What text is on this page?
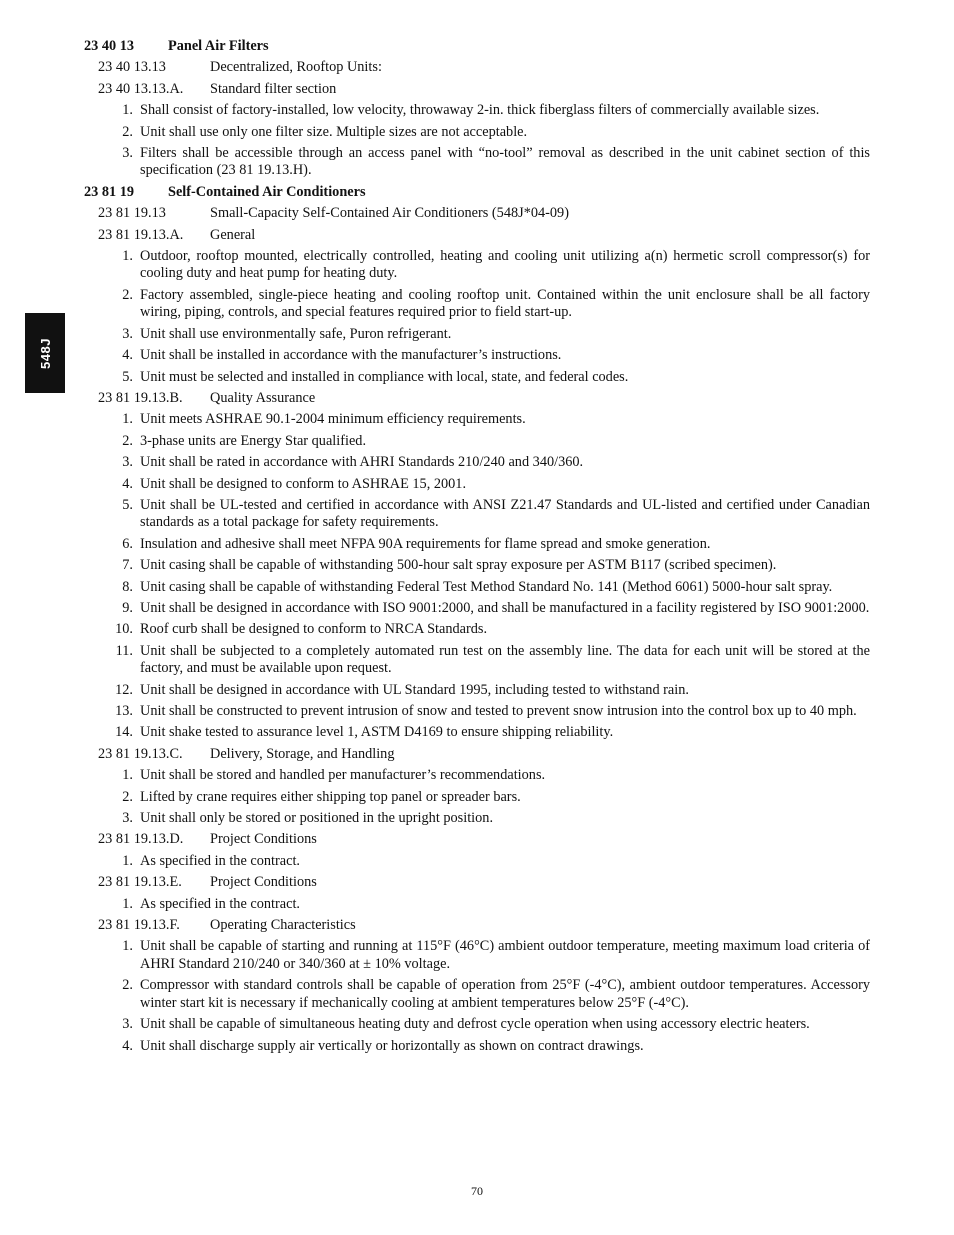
548J
23 40 13	Panel Air Filters
23 40 13.13	Decentralized, Rooftop Units:
23 40 13.13.A.	Standard filter section
1. Shall consist of factory-installed, low velocity, throwaway 2-in. thick fiberglass filters of commercially available sizes.
2. Unit shall use only one filter size. Multiple sizes are not acceptable.
3. Filters shall be accessible through an access panel with “no-tool” removal as described in the unit cabinet section of this specification (23 81 19.13.H).
23 81 19	Self-Contained Air Conditioners
23 81 19.13	Small-Capacity Self-Contained Air Conditioners (548J*04-09)
23 81 19.13.A.	General
1. Outdoor, rooftop mounted, electrically controlled, heating and cooling unit utilizing a(n) hermetic scroll compressor(s) for cooling duty and heat pump for heating duty.
2. Factory assembled, single-piece heating and cooling rooftop unit. Contained within the unit enclosure shall be all factory wiring, piping, controls, and special features required prior to field start-up.
3. Unit shall use environmentally safe, Puron refrigerant.
4. Unit shall be installed in accordance with the manufacturer’s instructions.
5. Unit must be selected and installed in compliance with local, state, and federal codes.
23 81 19.13.B.	Quality Assurance
1. Unit meets ASHRAE 90.1-2004 minimum efficiency requirements.
2. 3-phase units are Energy Star qualified.
3. Unit shall be rated in accordance with AHRI Standards 210/240 and 340/360.
4. Unit shall be designed to conform to ASHRAE 15, 2001.
5. Unit shall be UL-tested and certified in accordance with ANSI Z21.47 Standards and UL-listed and certified under Canadian standards as a total package for safety requirements.
6. Insulation and adhesive shall meet NFPA 90A requirements for flame spread and smoke generation.
7. Unit casing shall be capable of withstanding 500-hour salt spray exposure per ASTM B117 (scribed specimen).
8. Unit casing shall be capable of withstanding Federal Test Method Standard No. 141 (Method 6061) 5000-hour salt spray.
9. Unit shall be designed in accordance with ISO 9001:2000, and shall be manufactured in a facility registered by ISO 9001:2000.
10. Roof curb shall be designed to conform to NRCA Standards.
11. Unit shall be subjected to a completely automated run test on the assembly line. The data for each unit will be stored at the factory, and must be available upon request.
12. Unit shall be designed in accordance with UL Standard 1995, including tested to withstand rain.
13. Unit shall be constructed to prevent intrusion of snow and tested to prevent snow intrusion into the control box up to 40 mph.
14. Unit shake tested to assurance level 1, ASTM D4169 to ensure shipping reliability.
23 81 19.13.C.	Delivery, Storage, and Handling
1. Unit shall be stored and handled per manufacturer’s recommendations.
2. Lifted by crane requires either shipping top panel or spreader bars.
3. Unit shall only be stored or positioned in the upright position.
23 81 19.13.D.	Project Conditions
1. As specified in the contract.
23 81 19.13.E.	Project Conditions
1. As specified in the contract.
23 81 19.13.F.	Operating Characteristics
1. Unit shall be capable of starting and running at 115°F (46°C) ambient outdoor temperature, meeting maximum load criteria of AHRI Standard 210/240 or 340/360 at ± 10% voltage.
2. Compressor with standard controls shall be capable of operation from 25°F (-4°C), ambient outdoor temperatures. Accessory winter start kit is necessary if mechanically cooling at ambient temperatures below 25°F (-4°C).
3. Unit shall be capable of simultaneous heating duty and defrost cycle operation when using accessory electric heaters.
4. Unit shall discharge supply air vertically or horizontally as shown on contract drawings.
70
